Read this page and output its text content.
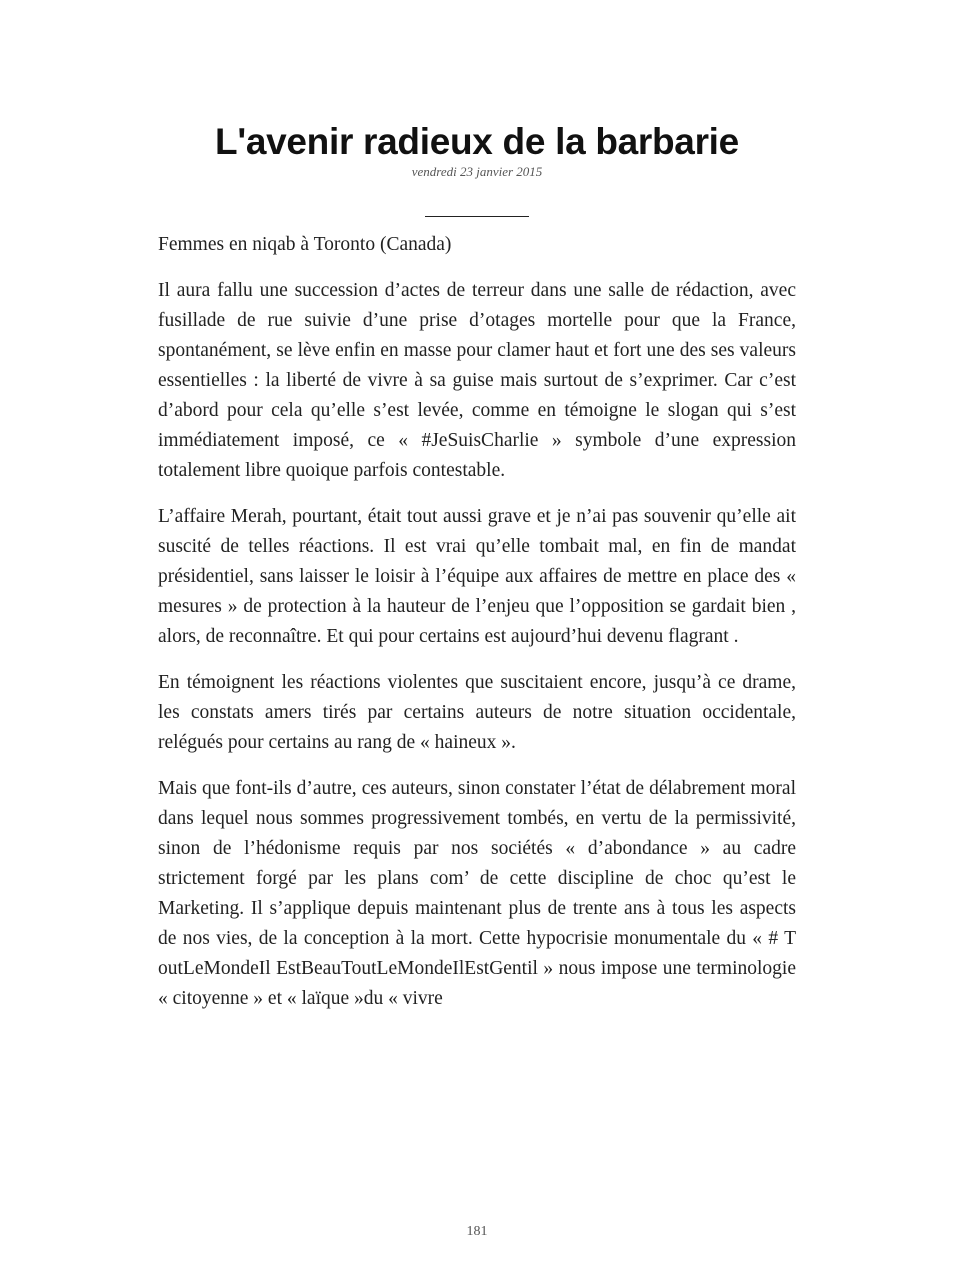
L'avenir radieux de la barbarie
vendredi 23 janvier 2015

Femmes en niqab à Toronto (Canada)

Il aura fallu une succession d’actes de terreur dans une salle de rédaction, avec fusillade de rue suivie d’une prise d’otages mortelle pour que la France, spontanément, se lève enfin en masse pour clamer haut et fort une des ses valeurs essentielles : la liberté de vivre à sa guise mais surtout de s’exprimer. Car c’est d’abord pour cela qu’elle s’est levée, comme en témoigne le slogan qui s’est immédiatement imposé, ce « #JeSuisCharlie » symbole d’une expression totalement libre quoique parfois contestable.

L’affaire Merah, pourtant, était tout aussi grave et je n’ai pas souvenir qu’elle ait suscité de telles réactions. Il est vrai qu’elle tombait mal, en fin de mandat présidentiel, sans laisser le loisir à l’équipe aux affaires de mettre en place des « mesures » de protection à la hauteur de l’enjeu que l’opposition se gardait bien , alors, de reconnaître. Et qui pour certains est aujourd’hui devenu flagrant .

En témoignent les réactions violentes que suscitaient encore, jusqu’à ce drame, les constats amers tirés par certains auteurs de notre situation occidentale, relégués pour certains au rang de « haineux ».

Mais que font-ils d’autre, ces auteurs, sinon constater l’état de délabrement moral dans lequel nous sommes progressivement tombés, en vertu de la permissivité, sinon de l’hédonisme requis par nos sociétés « d’abondance » au cadre strictement forgé par les plans com’ de cette discipline de choc qu’est le Marketing. Il s’applique depuis maintenant plus de trente ans à tous les aspects de nos vies, de la conception à la mort. Cette hypocrisie monumentale du « # T outLeMondeIl EstBeauToutLeMondeIlEstGentil » nous impose une terminologie « citoyenne » et « laïque »du « vivre

181
